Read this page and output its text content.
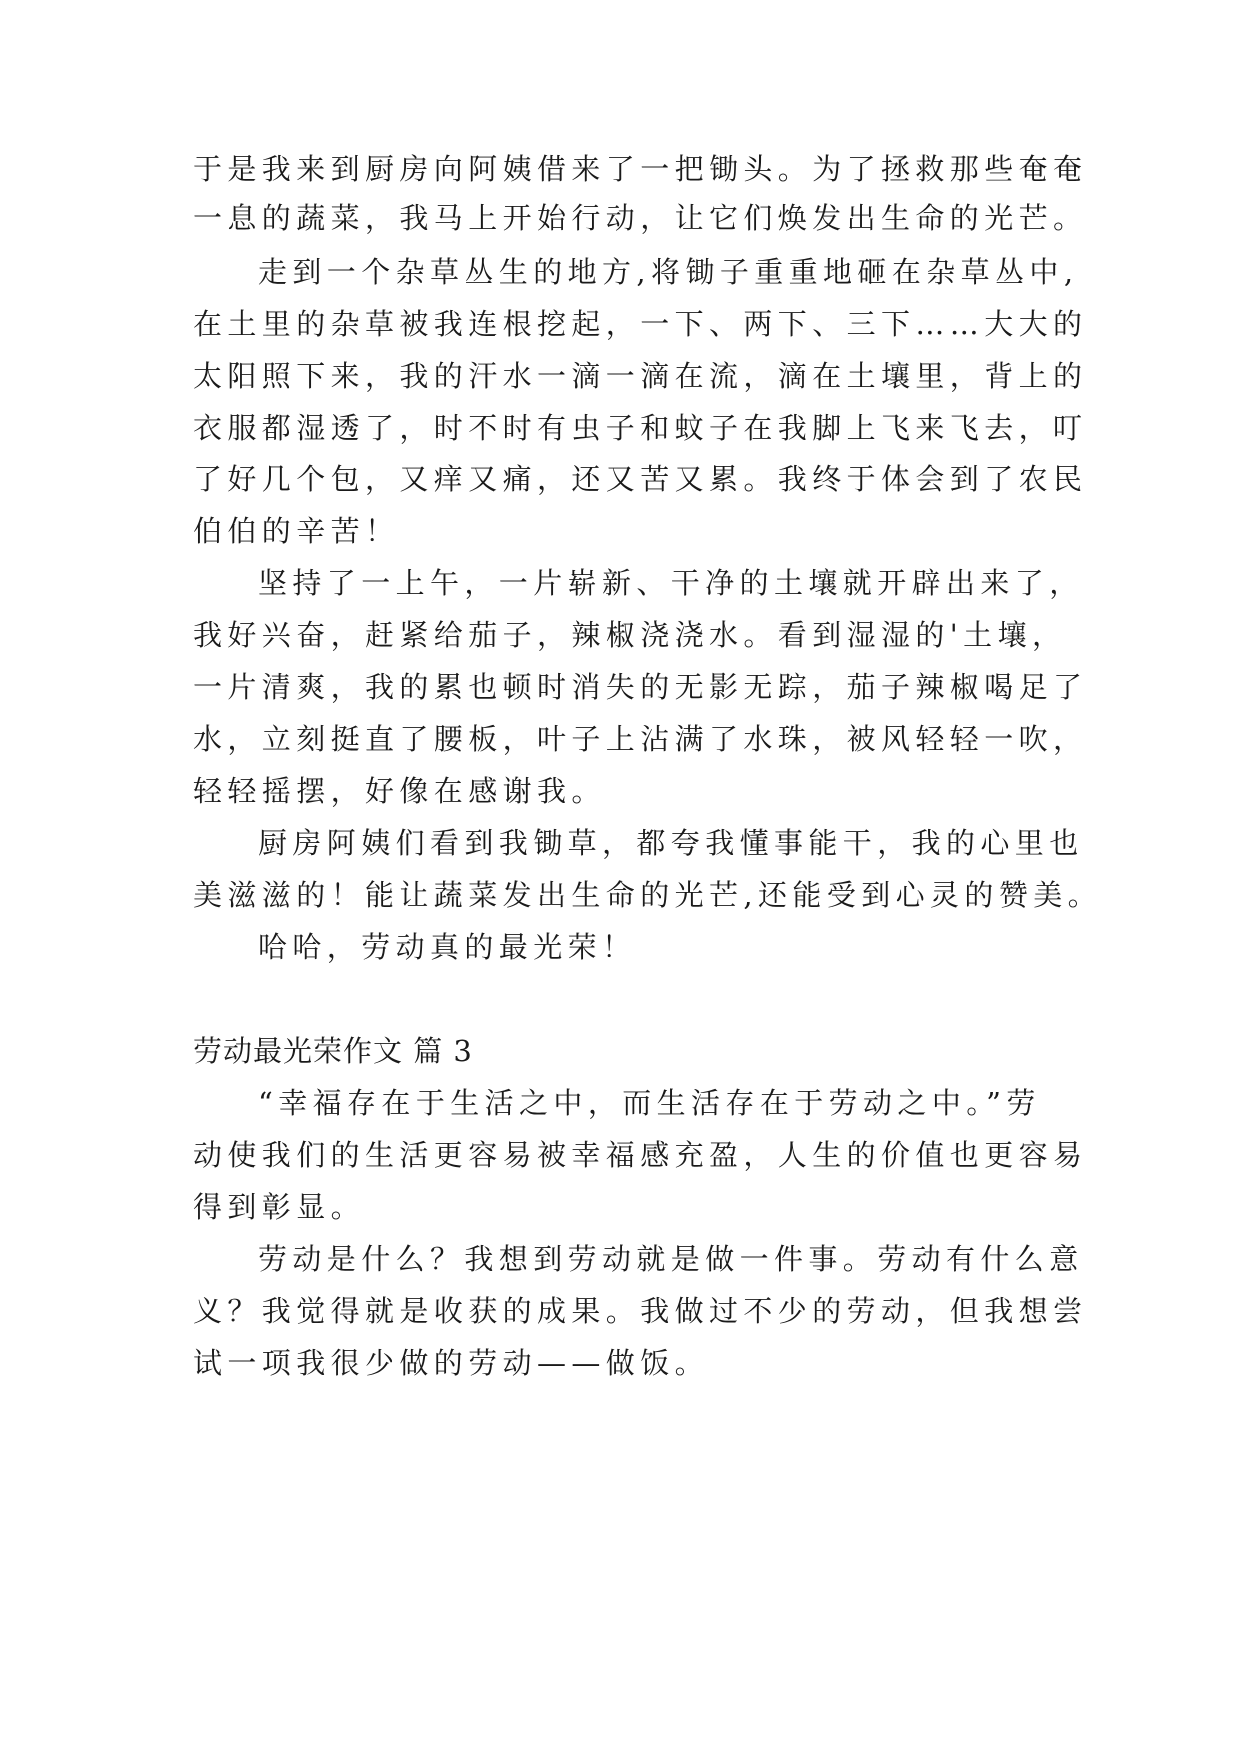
于是我来到厨房向阿姨借来了一把锄头。为了拯救那些奄奄
一息的蔬菜，我马上开始行动，让它们焕发出生命的光芒。
走到一个杂草丛生的地方,将锄子重重地砸在杂草丛中,
在土里的杂草被我连根挖起，一下、两下、三下……大大的
太阳照下来，我的汗水一滴一滴在流，滴在土壤里，背上的
衣服都湿透了，时不时有虫子和蚊子在我脚上飞来飞去，叮
了好几个包，又痒又痛，还又苦又累。我终于体会到了农民
伯伯的辛苦！
坚持了一上午，一片崭新、干净的土壤就开辟出来了，
我好兴奋，赶紧给茄子，辣椒浇浇水。看到湿湿的'土壤，
一片清爽，我的累也顿时消失的无影无踪，茄子辣椒喝足了
水，立刻挺直了腰板，叶子上沾满了水珠，被风轻轻一吹，
轻轻摇摆，好像在感谢我。
厨房阿姨们看到我锄草，都夸我懂事能干，我的心里也
美滋滋的！能让蔬菜发出生命的光芒,还能受到心灵的赞美。
哈哈，劳动真的最光荣！
劳动最光荣作文 篇 3
“幸福存在于生活之中，而生活存在于劳动之中。”劳
动使我们的生活更容易被幸福感充盈，人生的价值也更容易
得到彰显。
劳动是什么？我想到劳动就是做一件事。劳动有什么意
义？我觉得就是收获的成果。我做过不少的劳动，但我想尝
试一项我很少做的劳动——做饭。
